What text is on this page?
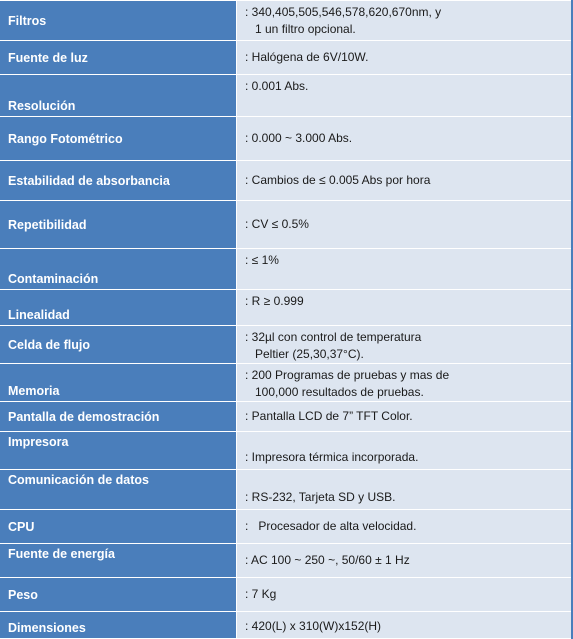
Filtros	: 340,405,505,546,578,620,670nm, y
1 un filtro opcional.

Fuente de luz	: Halógena de 6V/10W.

Resolución	: 0.001 Abs.

Rango Fotométrico	: 0.000 ~ 3.000 Abs.

Estabilidad de absorbancia	: Cambios de ≤ 0.005 Abs por hora

Repetibilidad	: CV ≤ 0.5%

Contaminación	: ≤ 1%

Linealidad	: R ≥ 0.999

Celda de flujo	: 32µl con control de temperatura
Peltier (25,30,37°C).

Memoria	: 200 Programas de pruebas y mas de
100,000 resultados de pruebas.

Pantalla de demostración	: Pantalla LCD de 7” TFT Color.

Impresora	: Impresora térmica incorporada.

Comunicación de datos	: RS-232, Tarjeta SD y USB.

CPU	:   Procesador de alta velocidad.

Fuente de energía	: AC 100 ~ 250 ~, 50/60 ± 1 Hz

Peso	: 7 Kg

Dimensiones	: 420(L) x 310(W)x152(H)
